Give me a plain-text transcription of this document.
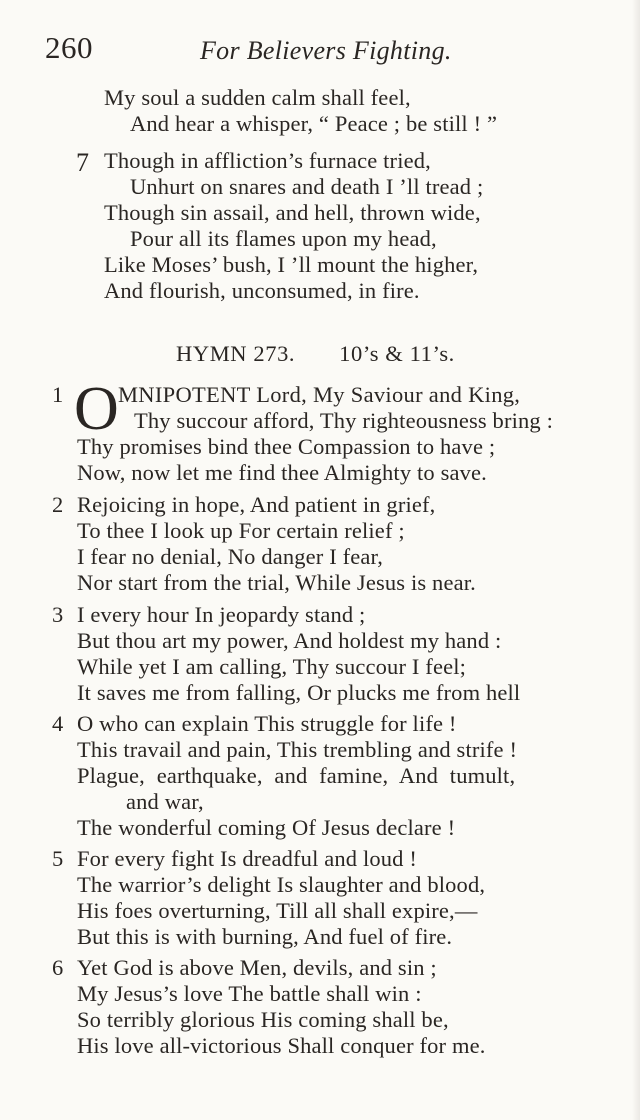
260	For Believers Fighting.
My soul a sudden calm shall feel,
And hear a whisper, “ Peace ; be still ! ”
7 Though in affliction’s furnace tried,
Unhurt on snares and death I ’ll tread ;
Though sin assail, and hell, thrown wide,
Pour all its flames upon my head,
Like Moses’ bush, I ’ll mount the higher,
And flourish, unconsumed, in fire.
HYMN 273. 10’s & 11’s.
1 O MNIPOTENT Lord, My Saviour and King,
Thy succour afford, Thy righteousness bring :
Thy promises bind thee Compassion to have ;
Now, now let me find thee Almighty to save.
2 Rejoicing in hope, And patient in grief,
To thee I look up For certain relief ;
I fear no denial, No danger I fear,
Nor start from the trial, While Jesus is near.
3 I every hour In jeopardy stand ;
But thou art my power, And holdest my hand :
While yet I am calling, Thy succour I feel;
It saves me from falling, Or plucks me from hell
4 O who can explain This struggle for life !
This travail and pain, This trembling and strife !
Plague, earthquake, and famine, And tumult,
and war,
The wonderful coming Of Jesus declare !
5 For every fight Is dreadful and loud !
The warrior’s delight Is slaughter and blood,
His foes overturning, Till all shall expire,—
But this is with burning, And fuel of fire.
6 Yet God is above Men, devils, and sin ;
My Jesus’s love The battle shall win :
So terribly glorious His coming shall be,
His love all-victorious Shall conquer for me.
